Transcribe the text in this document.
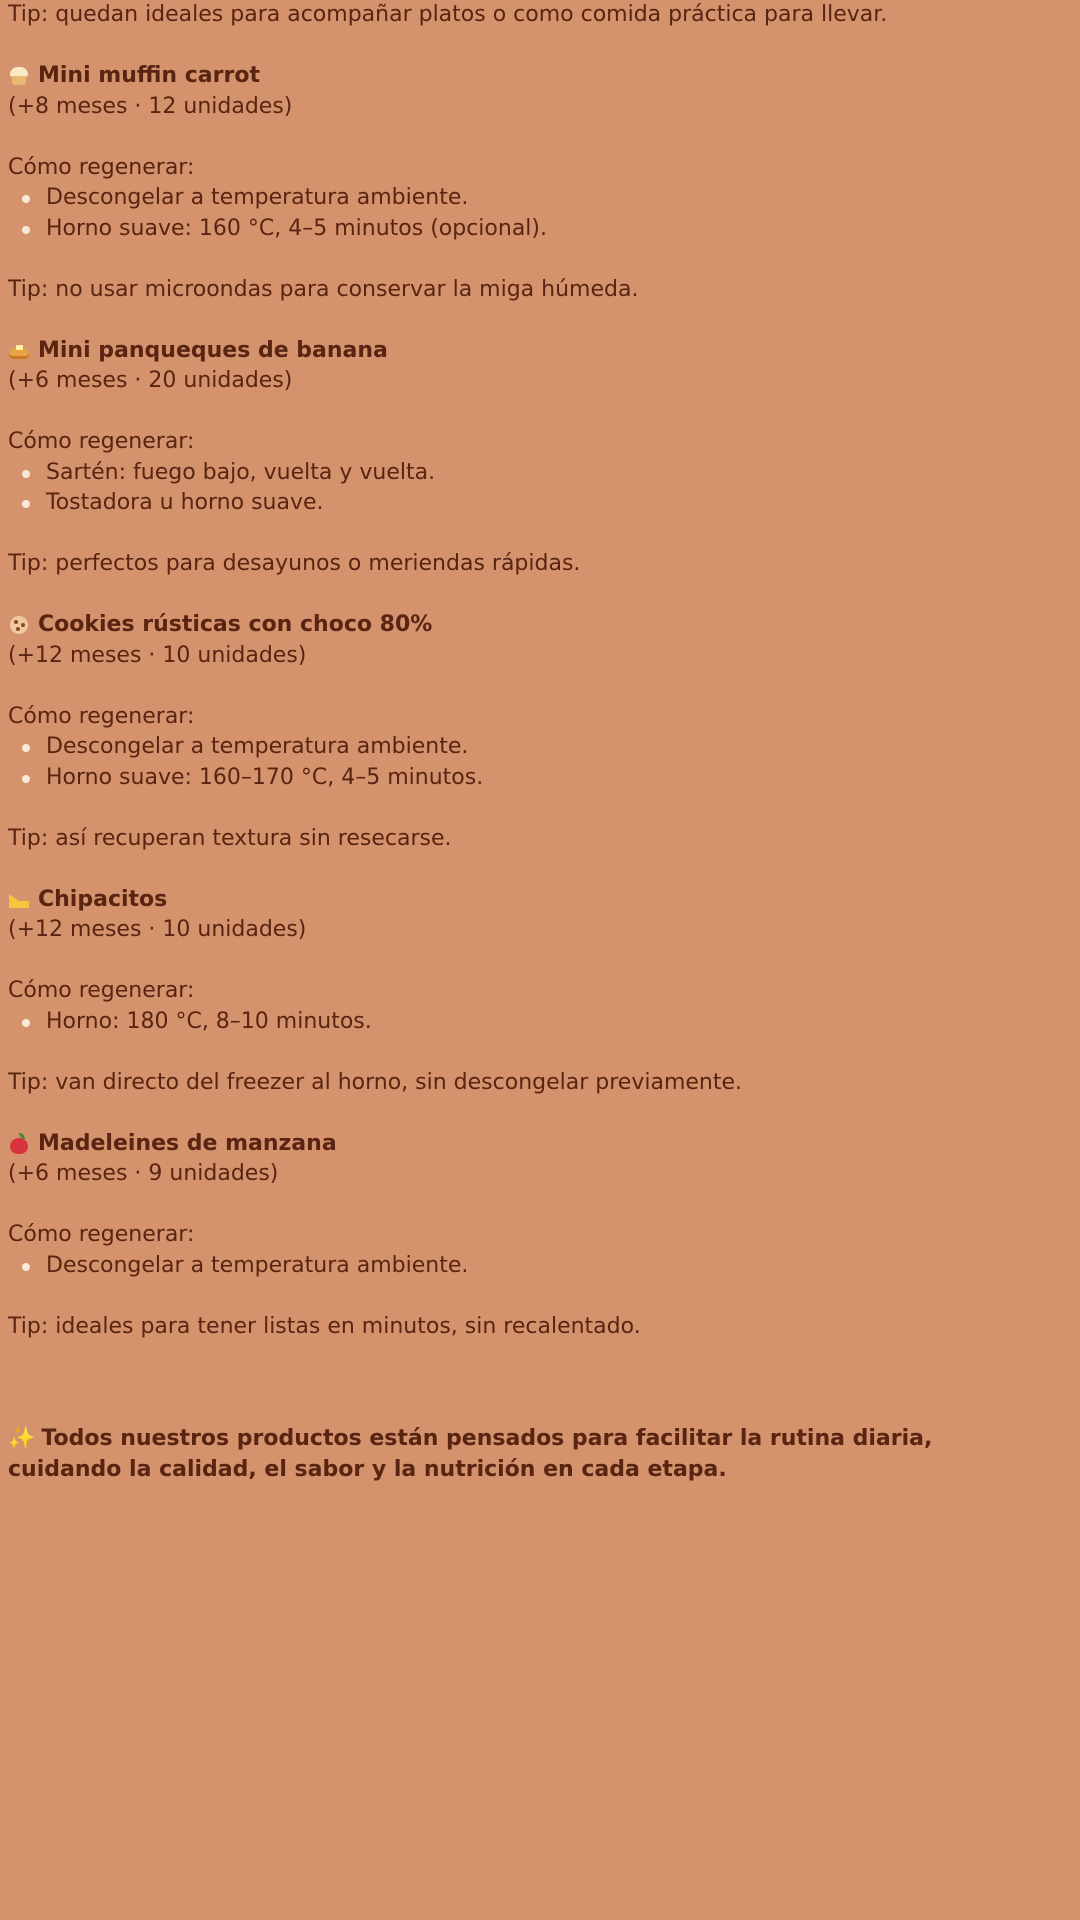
Tip: quedan ideales para acompañar platos o como comida práctica para llevar.

Mini muffin carrot

(+8 meses · 12 unidades)

Cómo regenerar:

Descongelar a temperatura ambiente.
Horno suave: 160 °C, 4–5 minutos (opcional).

Tip: no usar microondas para conservar la miga húmeda.

Mini panqueques de banana

(+6 meses · 20 unidades)

Cómo regenerar:

Sartén: fuego bajo, vuelta y vuelta.
Tostadora u horno suave.

Tip: perfectos para desayunos o meriendas rápidas.

Cookies rústicas con choco 80%

(+12 meses · 10 unidades)

Cómo regenerar:

Descongelar a temperatura ambiente.
Horno suave: 160–170 °C, 4–5 minutos.

Tip: así recuperan textura sin resecarse.

Chipacitos

(+12 meses · 10 unidades)

Cómo regenerar:

Horno: 180 °C, 8–10 minutos.

Tip: van directo del freezer al horno, sin descongelar previamente.

Madeleines de manzana

(+6 meses · 9 unidades)

Cómo regenerar:

Descongelar a temperatura ambiente.

Tip: ideales para tener listas en minutos, sin recalentado.

✨ Todos nuestros productos están pensados para facilitar la rutina diaria, cuidando la calidad, el sabor y la nutrición en cada etapa.
